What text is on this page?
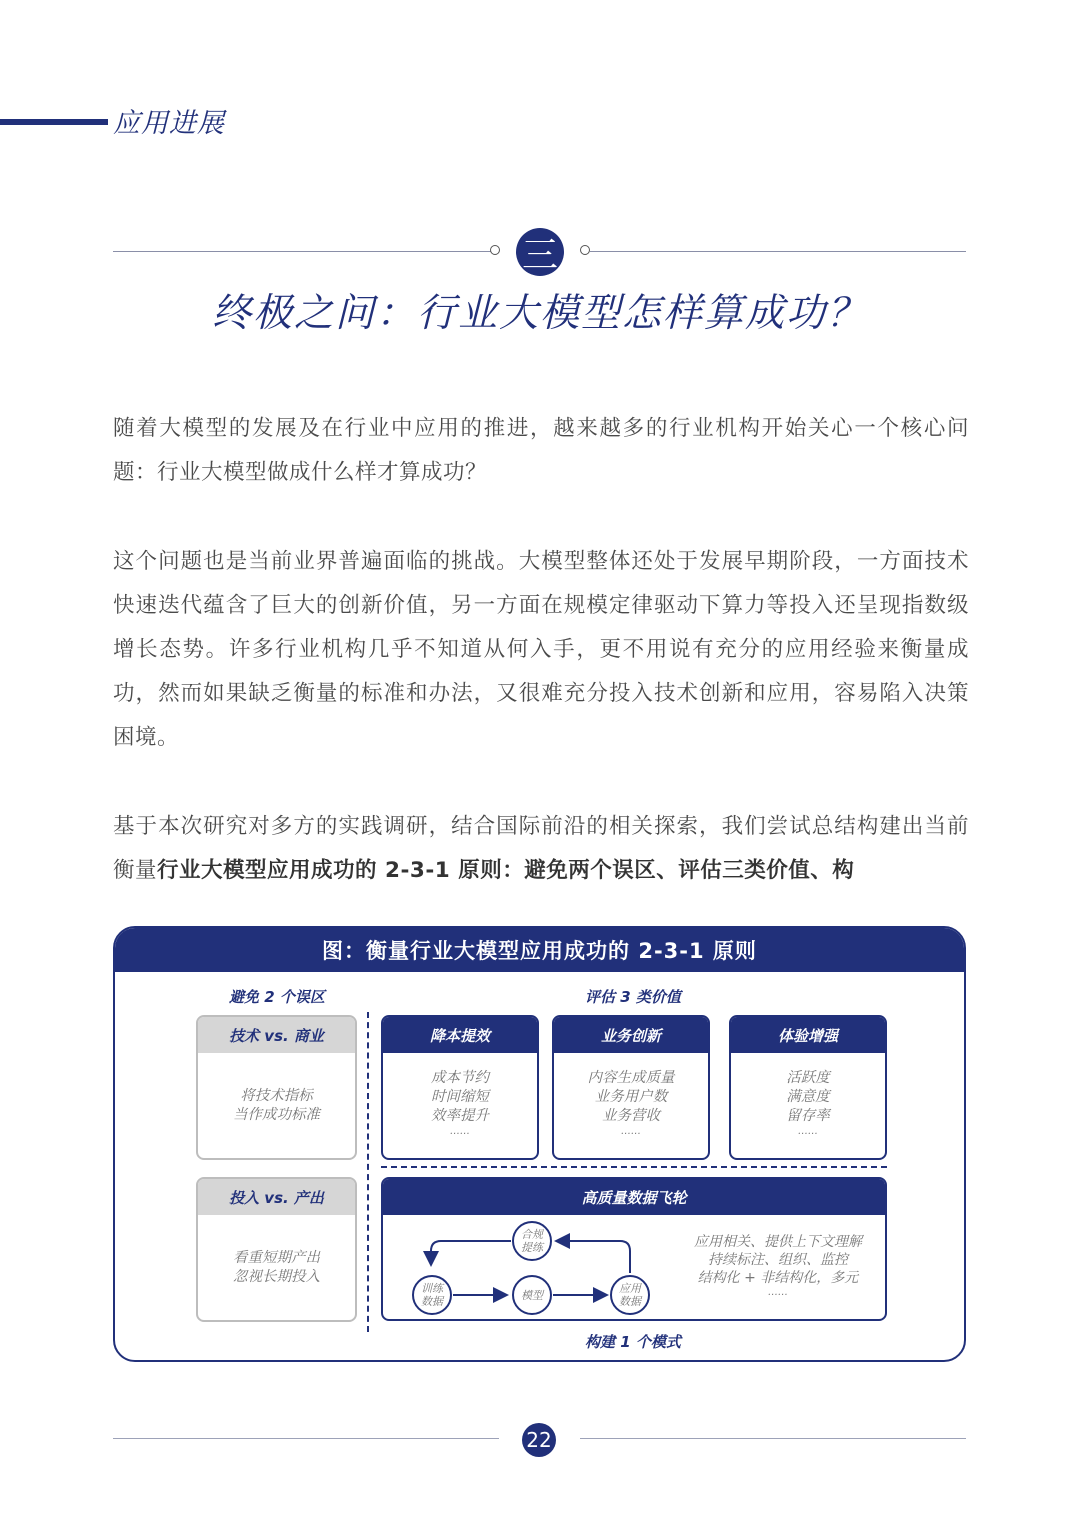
应用进展
三
终极之问：行业大模型怎样算成功？
随着大模型的发展及在行业中应用的推进，越来越多的行业机构开始关心一个核心问题：行业大模型做成什么样才算成功？
这个问题也是当前业界普遍面临的挑战。大模型整体还处于发展早期阶段，一方面技术快速迭代蕴含了巨大的创新价值，另一方面在规模定律驱动下算力等投入还呈现指数级增长态势。许多行业机构几乎不知道从何入手，更不用说有充分的应用经验来衡量成功，然而如果缺乏衡量的标准和办法，又很难充分投入技术创新和应用，容易陷入决策困境。
基于本次研究对多方的实践调研，结合国际前沿的相关探索，我们尝试总结构建出当前衡量行业大模型应用成功的 2-3-1 原则：避免两个误区、评估三类价值、构
图：衡量行业大模型应用成功的 2-3-1 原则
避免 2 个误区	评估 3 类价值
技术 vs. 商业
将技术指标
当作成功标准
投入 vs. 产出
看重短期产出
忽视长期投入
降本提效
成本节约
时间缩短
效率提升
……
业务创新
内容生成质量
业务用户数
业务营收
……
体验增强
活跃度
满意度
留存率
……
高质量数据飞轮
合规
提练
训练
数据	模型	应用
数据
应用相关、提供上下文理解
持续标注、组织、监控
结构化 + 非结构化，多元
……
构建 1 个模式
22
